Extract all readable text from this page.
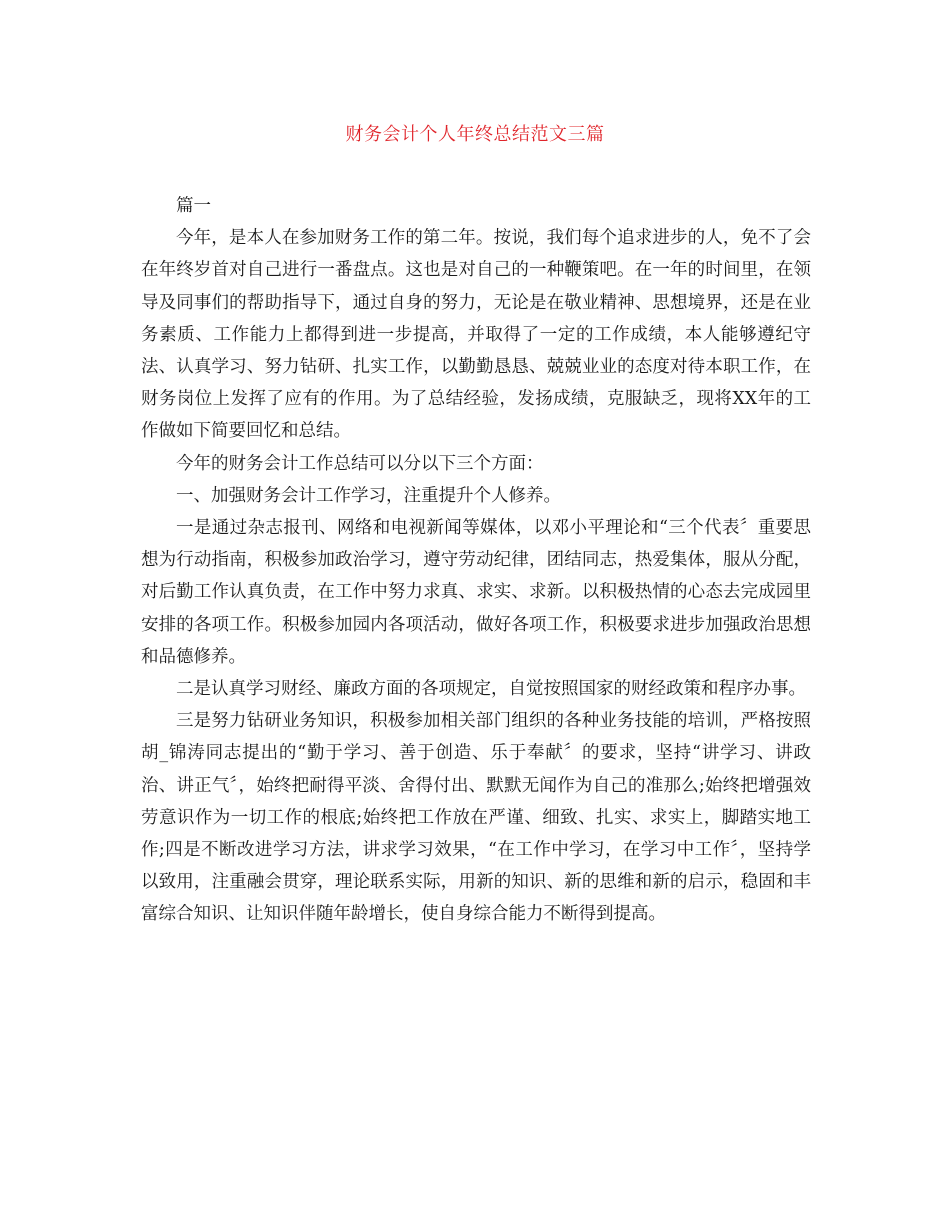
财务会计个人年终总结范文三篇

篇一

今年，是本人在参加财务工作的第二年。按说，我们每个追求进步的人，免不了会在年终岁首对自己进行一番盘点。这也是对自己的一种鞭策吧。在一年的时间里，在领导及同事们的帮助指导下，通过自身的努力，无论是在敬业精神、思想境界，还是在业务素质、工作能力上都得到进一步提高，并取得了一定的工作成绩，本人能够遵纪守法、认真学习、努力钻研、扎实工作，以勤勤恳恳、兢兢业业的态度对待本职工作，在财务岗位上发挥了应有的作用。为了总结经验，发扬成绩，克服缺乏，现将XX年的工作做如下简要回忆和总结。

今年的财务会计工作总结可以分以下三个方面：

一、加强财务会计工作学习，注重提升个人修养。

一是通过杂志报刊、网络和电视新闻等媒体，以邓小平理论和“三个代表〞重要思想为行动指南，积极参加政治学习，遵守劳动纪律，团结同志，热爱集体，服从分配，对后勤工作认真负责，在工作中努力求真、求实、求新。以积极热情的心态去完成园里安排的各项工作。积极参加园内各项活动，做好各项工作，积极要求进步加强政治思想和品德修养。

二是认真学习财经、廉政方面的各项规定，自觉按照国家的财经政策和程序办事。

三是努力钻研业务知识，积极参加相关部门组织的各种业务技能的培训，严格按照胡_锦涛同志提出的“勤于学习、善于创造、乐于奉献〞的要求，坚持“讲学习、讲政治、讲正气〞，始终把耐得平淡、舍得付出、默默无闻作为自己的准那么;始终把增强效劳意识作为一切工作的根底;始终把工作放在严谨、细致、扎实、求实上，脚踏实地工作;四是不断改进学习方法，讲求学习效果，“在工作中学习，在学习中工作〞，坚持学以致用，注重融会贯穿，理论联系实际，用新的知识、新的思维和新的启示，稳固和丰富综合知识、让知识伴随年龄增长，使自身综合能力不断得到提高。
